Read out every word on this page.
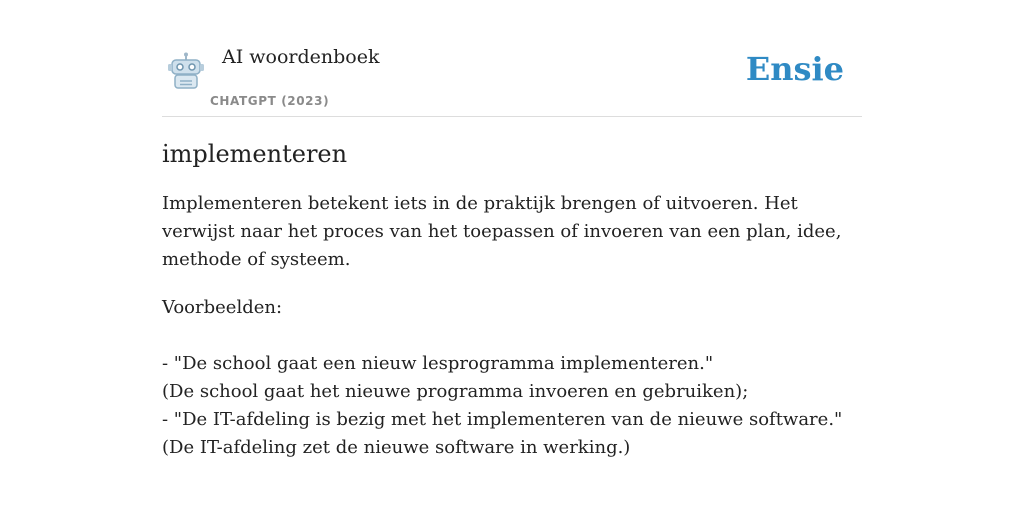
AI woordenboek
CHATGPT (2023)
Ensie
implementeren

Implementeren betekent iets in de praktijk brengen of uitvoeren. Het verwijst naar het proces van het toepassen of invoeren van een plan, idee, methode of systeem.

Voorbeelden:

- "De school gaat een nieuw lesprogramma implementeren."
(De school gaat het nieuwe programma invoeren en gebruiken);
- "De IT-afdeling is bezig met het implementeren van de nieuwe software."
(De IT-afdeling zet de nieuwe software in werking.)
